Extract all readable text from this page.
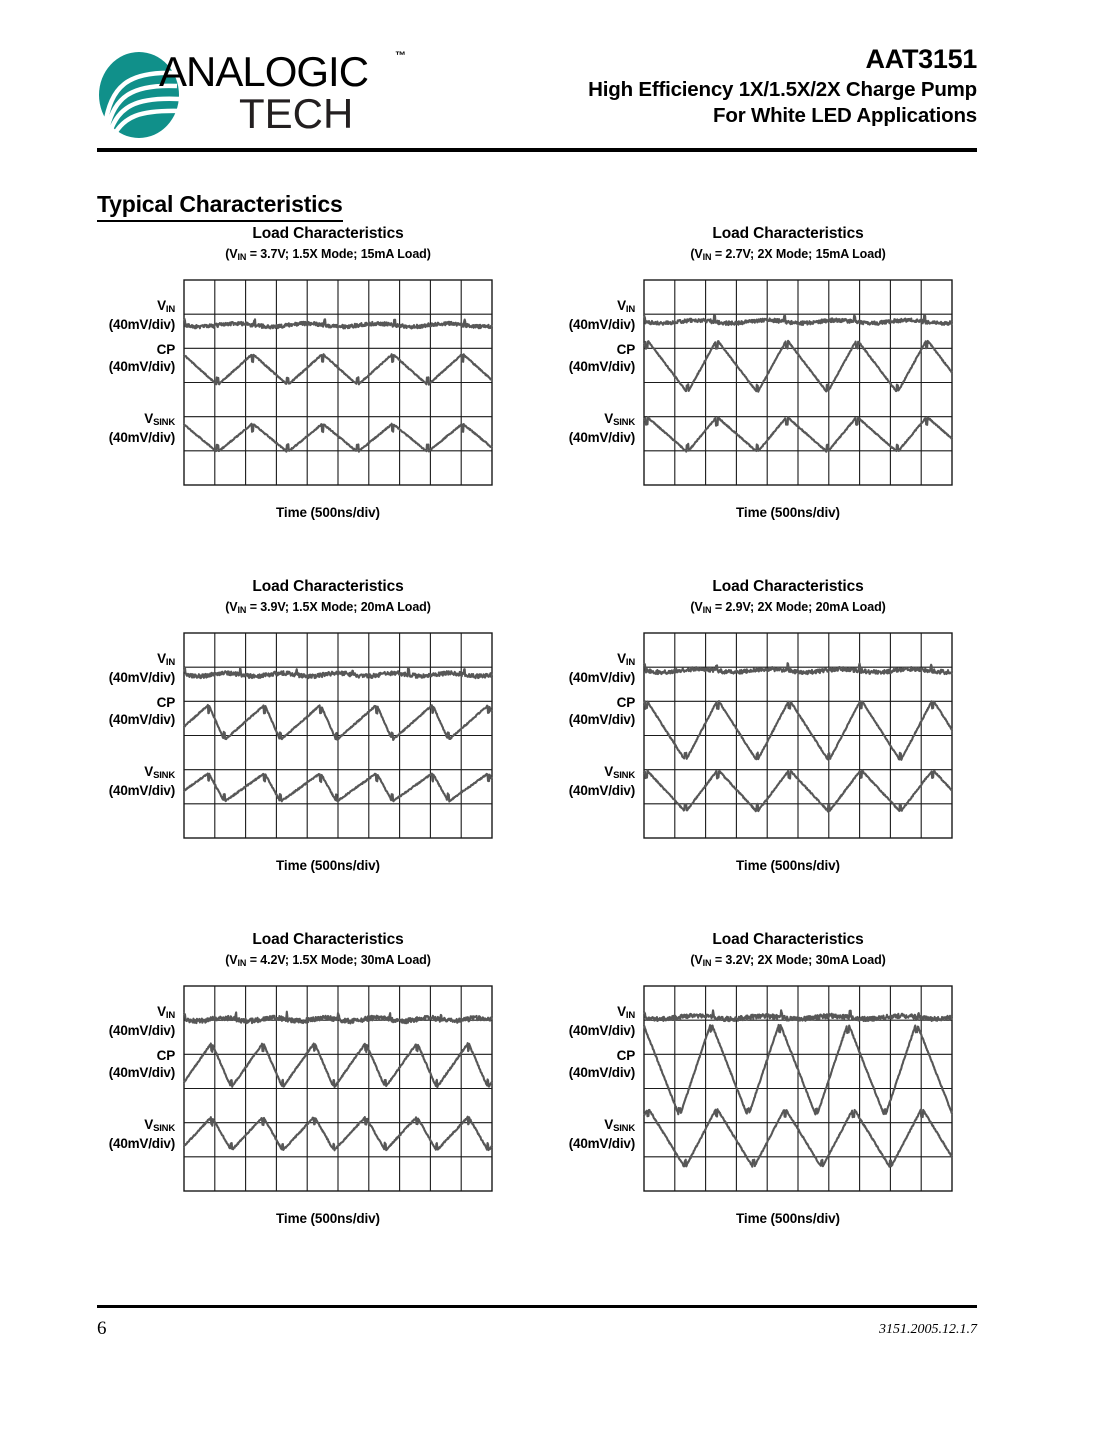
ANALOGIC ™
TECH
AAT3151
High Efficiency 1X/1.5X/2X Charge Pump
For White LED Applications
Typical Characteristics
Load Characteristics
($V_{IN} = 3.7V$; 1.5X Mode; 15mA Load)
$V_{IN}$
(40mV/div)
CP
(40mV/div)
$V_{SINK}$
(40mV/div)
Time (500ns/div)
Load Characteristics
($V_{IN} = 2.7V$; 2X Mode; 15mA Load)
$V_{IN}$
(40mV/div)
CP
(40mV/div)
$V_{SINK}$
(40mV/div)
Time (500ns/div)
Load Characteristics
($V_{IN} = 3.9V$; 1.5X Mode; 20mA Load)
$V_{IN}$
(40mV/div)
CP
(40mV/div)
$V_{SINK}$
(40mV/div)
Time (500ns/div)
Load Characteristics
($V_{IN} = 2.9V$; 2X Mode; 20mA Load)
$V_{IN}$
(40mV/div)
CP
(40mV/div)
$V_{SINK}$
(40mV/div)
Time (500ns/div)
Load Characteristics
($V_{IN} = 4.2V$; 1.5X Mode; 30mA Load)
$V_{IN}$
(40mV/div)
CP
(40mV/div)
$V_{SINK}$
(40mV/div)
Time (500ns/div)
Load Characteristics
($V_{IN} = 3.2V$; 2X Mode; 30mA Load)
$V_{IN}$
(40mV/div)
CP
(40mV/div)
$V_{SINK}$
(40mV/div)
Time (500ns/div)
6	3151.2005.12.1.7
